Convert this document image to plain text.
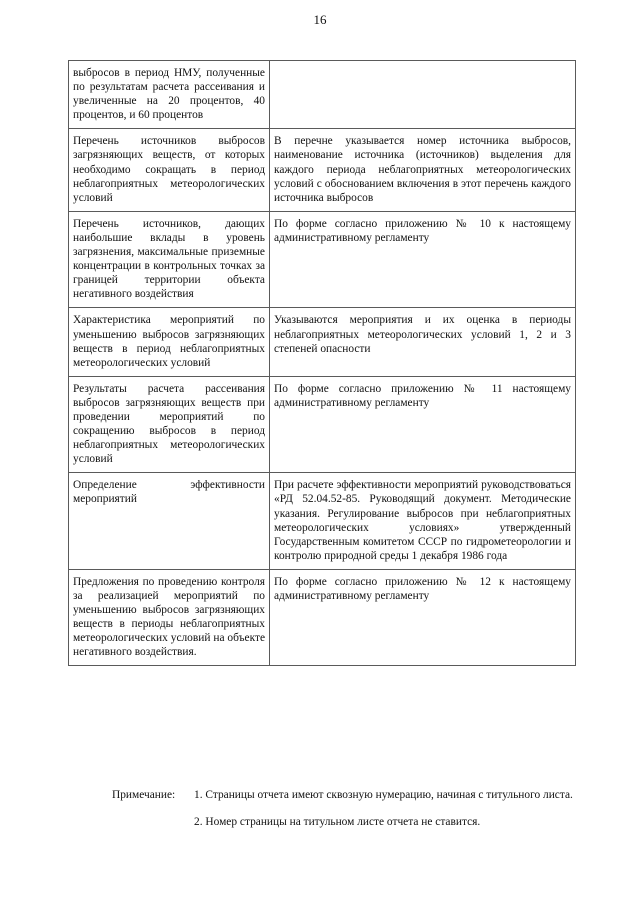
16
выбросов в период НМУ, полученные по результатам расчета рассеивания и увеличенные на 20 процентов, 40 процентов, и 60 процентов	
Перечень источников выбросов загрязняющих веществ, от которых необходимо сокращать в период неблагоприятных метеорологических условий	В перечне указывается номер источника выбросов, наименование источника (источников) выделения для каждого периода неблагоприятных метеорологических условий с обоснованием включения в этот перечень каждого источника выбросов
Перечень источников, дающих наибольшие вклады в уровень загрязнения, максимальные приземные концентрации в контрольных точках за границей территории объекта негативного воздействия	По форме согласно приложению № 10 к настоящему административному регламенту
Характеристика мероприятий по уменьшению выбросов загрязняющих веществ в период неблагоприятных метеорологических условий	Указываются мероприятия и их оценка в периоды неблагоприятных метеорологических условий 1, 2 и 3 степеней опасности
Результаты расчета рассеивания выбросов загрязняющих веществ при проведении мероприятий по сокращению выбросов в период неблагоприятных метеорологических условий	По форме согласно приложению № 11 настоящему административному регламенту
Определение эффективности мероприятий	При расчете эффективности мероприятий руководствоваться «РД 52.04.52-85. Руководящий документ. Методические указания. Регулирование выбросов при неблагоприятных метеорологических условиях» утвержденный Государственным комитетом СССР по гидрометеорологии и контролю природной среды 1 декабря 1986 года
Предложения по проведению контроля за реализацией мероприятий по уменьшению выбросов загрязняющих веществ в периоды неблагоприятных метеорологических условий на объекте негативного воздействия.	По форме согласно приложению № 12 к настоящему административному регламенту
Примечание:	1. Страницы отчета имеют сквозную нумерацию, начиная с титульного листа.
2. Номер страницы на титульном листе отчета не ставится.
